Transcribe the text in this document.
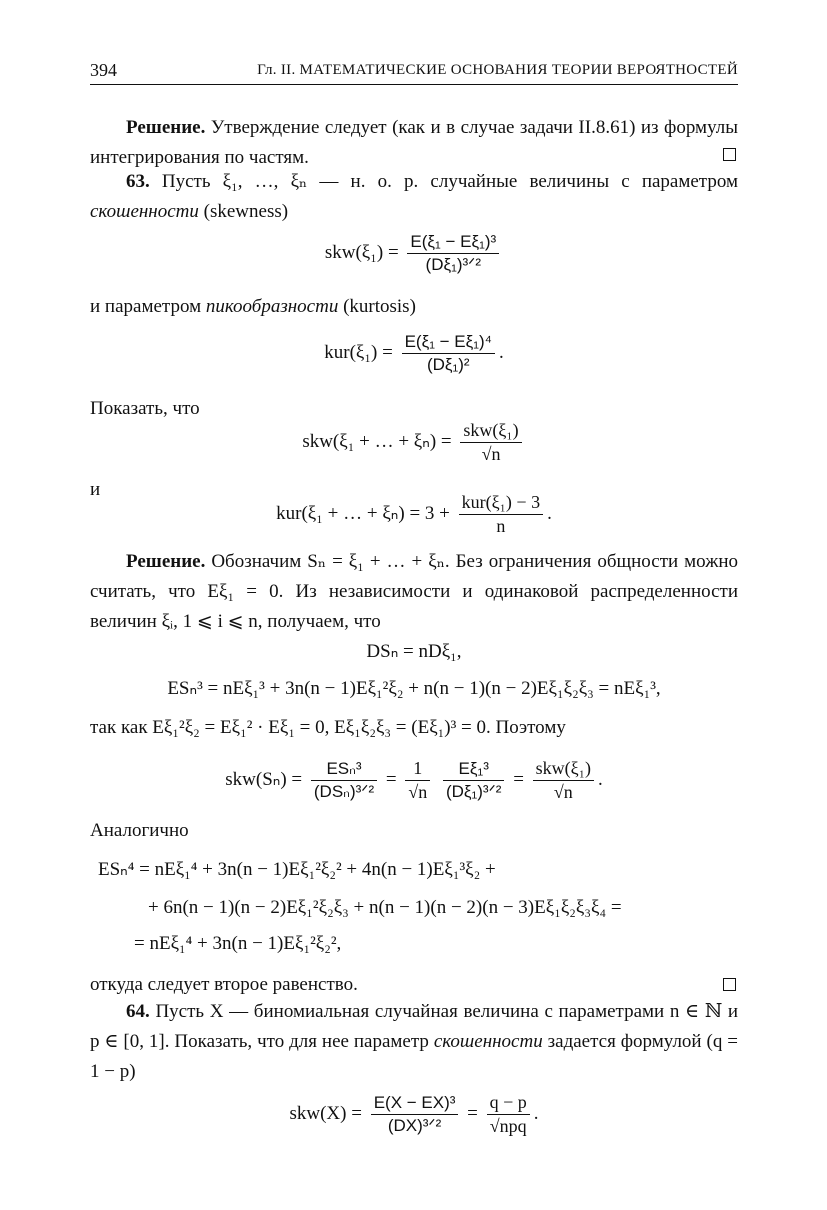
394	Гл. II. МАТЕМАТИЧЕСКИЕ ОСНОВАНИЯ ТЕОРИИ ВЕРОЯТНОСТЕЙ
Решение. Утверждение следует (как и в случае задачи II.8.61) из формулы интегрирования по частям.
63. Пусть ξ₁, …, ξₙ — н. о. р. случайные величины с параметром скошенности (skewness)
$skw(\xi_1) = \frac{\text{E(ξ₁ − Eξ₁)³}}{\text{(Dξ₁)³ᐟ²}}$
и параметром пикообразности (kurtosis)
$kur(\xi_1) = \frac{\text{E(ξ₁ − Eξ₁)⁴}}{\text{(Dξ₁)²}}$ .
Показать, что
skw(ξ₁ + … + $\xi_n) = \frac{\text{skw(ξ₁)}}{√n}$
и
kur(ξ₁ + … + $\xi_n) = 3 + \frac{\text{kur(ξ₁) − 3}}{n}$ .
Решение. Обозначим Sₙ = ξ₁ + … + ξₙ. Без ограничения общности можно считать, что Eξ₁ = 0. Из независимости и одинаковой распределенности величин ξᵢ, 1 ⩽ i ⩽ n, получаем, что
DSₙ = nDξ₁,
ESₙ³ = nEξ₁³ + 3n(n − 1)Eξ₁²ξ₂ + n(n − 1)(n − 2)Eξ₁ξ₂ξ₃ = nEξ₁³,
так как Eξ₁²ξ₂ = Eξ₁² · Eξ₁ = 0, Eξ₁ξ₂ξ₃ = (Eξ₁)³ = 0. Поэтому
$skw(S_n) = \frac{\text{ESₙ³}}{\text{(DSₙ)³ᐟ²}} = \frac{1}{√n}$
$\frac{\text{Eξ₁³}}{\text{(Dξ₁)³ᐟ²}} = \frac{\text{skw(ξ₁)}}{√n}$ .
Аналогично
ESₙ⁴ = nEξ₁⁴ + 3n(n − 1)Eξ₁²ξ₂² + 4n(n − 1)Eξ₁³ξ₂ +
+ 6n(n − 1)(n − 2)Eξ₁²ξ₂ξ₃ + n(n − 1)(n − 2)(n − 3)Eξ₁ξ₂ξ₃ξ₄ =
= nEξ₁⁴ + 3n(n − 1)Eξ₁²ξ₂²,
откуда следует второе равенство.
64. Пусть X — биномиальная случайная величина с параметрами n ∈ ℕ и p ∈ [0, 1]. Показать, что для нее параметр скошенности задается формулой (q = 1 − p)
$skw(X) = \frac{\text{E(X − EX)³}}{\text{(DX)³ᐟ²}} = \frac{q - p}{\text{√npq}}$ .
